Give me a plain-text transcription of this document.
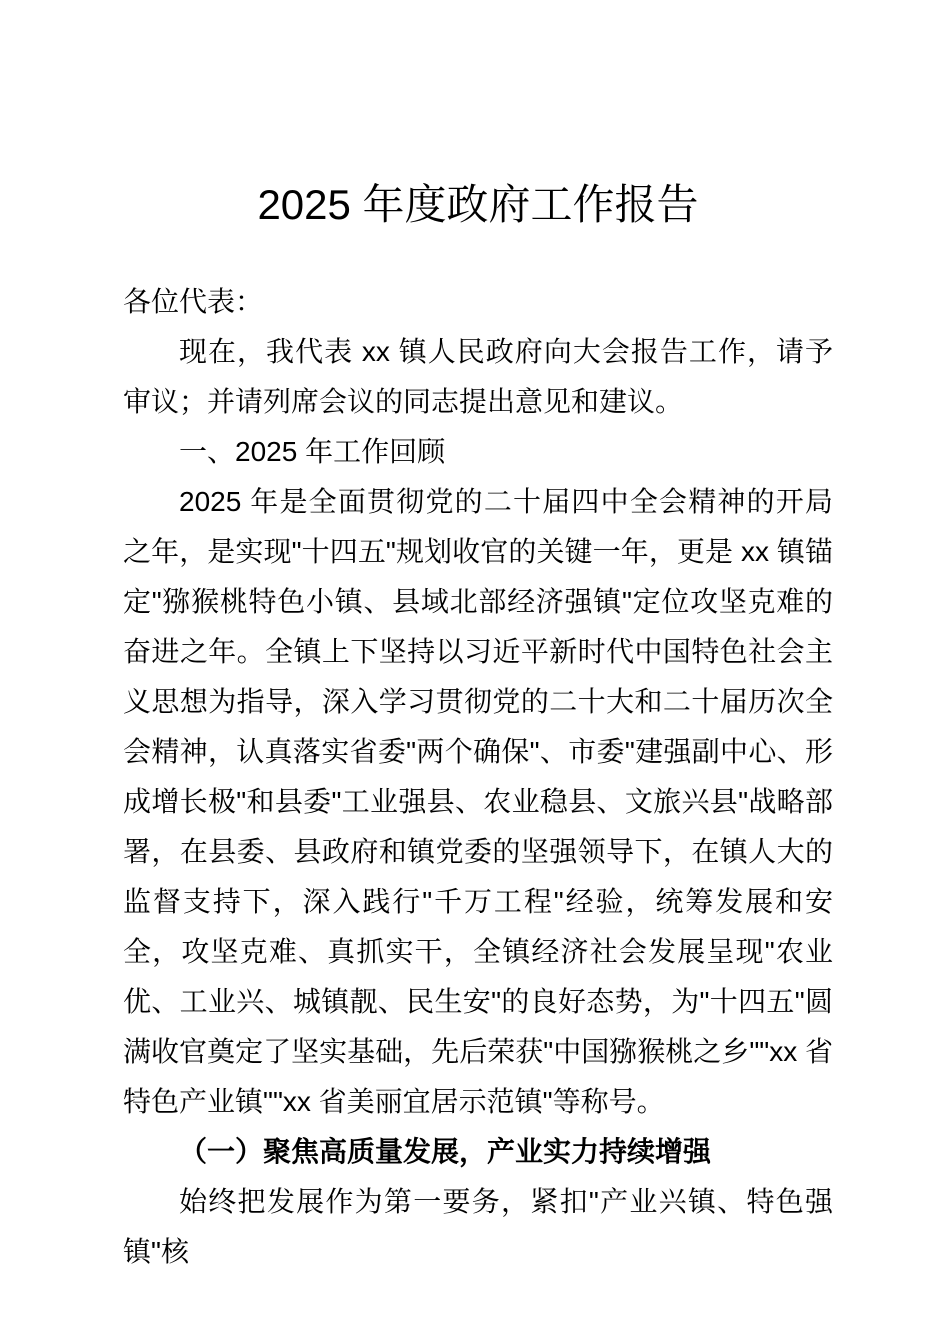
2025 年度政府工作报告

各位代表：

现在，我代表 xx 镇人民政府向大会报告工作，请予审议；并请列席会议的同志提出意见和建议。

一、2025 年工作回顾

2025 年是全面贯彻党的二十届四中全会精神的开局之年，是实现"十四五"规划收官的关键一年，更是 xx 镇锚定"猕猴桃特色小镇、县域北部经济强镇"定位攻坚克难的奋进之年。全镇上下坚持以习近平新时代中国特色社会主义思想为指导，深入学习贯彻党的二十大和二十届历次全会精神，认真落实省委"两个确保"、市委"建强副中心、形成增长极"和县委"工业强县、农业稳县、文旅兴县"战略部署，在县委、县政府和镇党委的坚强领导下，在镇人大的监督支持下，深入践行"千万工程"经验，统筹发展和安全，攻坚克难、真抓实干，全镇经济社会发展呈现"农业优、工业兴、城镇靓、民生安"的良好态势，为"十四五"圆满收官奠定了坚实基础，先后荣获"中国猕猴桃之乡""xx 省特色产业镇""xx 省美丽宜居示范镇"等称号。

（一）聚焦高质量发展，产业实力持续增强

始终把发展作为第一要务，紧扣"产业兴镇、特色强镇"核
